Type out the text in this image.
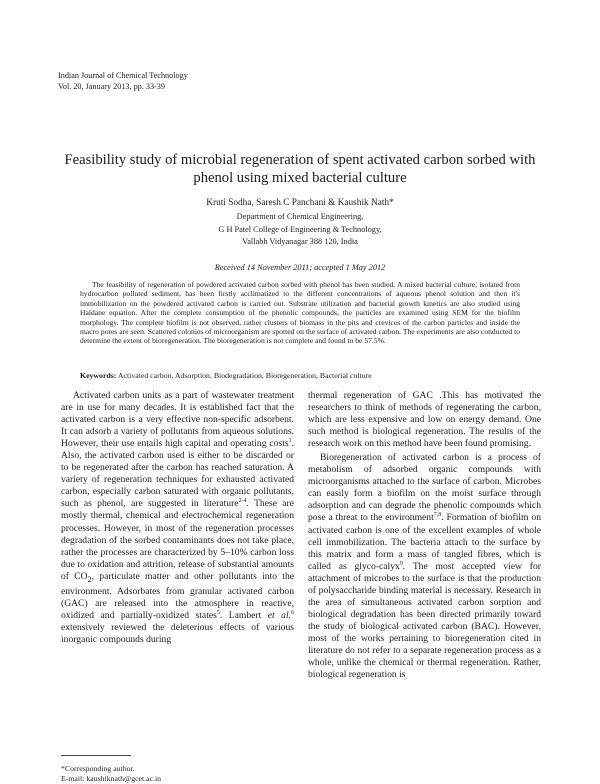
Indian Journal of Chemical Technology
Vol. 20, January 2013, pp. 33-39
Feasibility study of microbial regeneration of spent activated carbon sorbed with phenol using mixed bacterial culture
Kruti Sodha, Saresh C Panchani & Kaushik Nath*
Department of Chemical Engineering,
G H Patel College of Engineering & Technology,
Vallabh Vidyanagar 388 120, India
Received 14 November 2011; accepted 1 May 2012

The feasibility of regeneration of powdered activated carbon sorbed with phenol has been studied. A mixed bacterial culture, isolated from hydrocarbon polluted sediment, has been firstly acclimatized to the different concentrations of aqueous phenol solution and then it's immobilization on the powdered activated carbon is carried out. Substrate utilization and bacterial growth kinetics are also studied using Haldane equation. After the complete consumption of the phenolic compounds, the particles are examined using SEM for the biofilm morphology. The complete biofilm is not observed, rather clusters of biomass in the pits and crevices of the carbon particles and inside the macro pores are seen. Scattered colonies of microorganism are spotted on the surface of activated carbon. The experiments are also conducted to determine the extent of bioregeneration. The bioregeneration is not complete and found to be 57.5%.

Keywords: Activated carbon, Adsorption, Biodegradation, Bioregeneration, Bacterial culture

Activated carbon units as a part of wastewater treatment are in use for many decades. It is established fact that the activated carbon is a very effective non-specific adsorbent. It can adsorb a variety of pollutants from aqueous solutions. However, their use entails high capital and operating costs$^1$. Also, the activated carbon used is either to be discarded or to be regenerated after the carbon has reached saturation. A variety of regeneration techniques for exhausted activated carbon, especially carbon saturated with organic pollutants, such as phenol, are suggested in literature$^{2-4}$. These are mostly thermal, chemical and electrochemical regeneration processes. However, in most of the regeneration processes degradation of the sorbed contaminants does not take place, rather the processes are characterized by 5–10% carbon loss due to oxidation and attrition, release of substantial amounts of $CO_2$, particulate matter and other pollutants into the environment. Adsorbates from granular activated carbon (GAC) are released into the atmosphere in reactive, oxidized and partially-oxidized states$^5$. Lambert et al.$^6$ extensively reviewed the deleterious effects of various inorganic compounds during

thermal regeneration of GAC .This has motivated the researchers to think of methods of regenerating the carbon, which are less expensive and low on energy demand. One such method is biological regeneration. The results of the research work on this method have been found promising.

Bioregeneration of activated carbon is a process of metabolism of adsorbed organic compounds with microorganisms attached to the surface of carbon. Microbes can easily form a biofilm on the moist surface through adsorption and can degrade the phenolic compounds which pose a threat to the environment$^{7,8}$. Formation of biofilm on activated carbon is one of the excellent examples of whole cell immobilization. The bacteria attach to the surface by this matrix and form a mass of tangled fibres, which is called as glyco-calyx$^9$. The most accepted view for attachment of microbes to the surface is that the production of polysaccharide binding material is necessary. Research in the area of simultaneous activated carbon sorption and biological degradation has been directed primarily toward the study of biological activated carbon (BAC). However, most of the works pertaining to bioregeneration cited in literature do not refer to a separate regeneration process as a whole, unlike the chemical or thermal regeneration. Rather, biological regeneration is

*Corresponding author.
E-mail: kaushiknath@gcet.ac.in
